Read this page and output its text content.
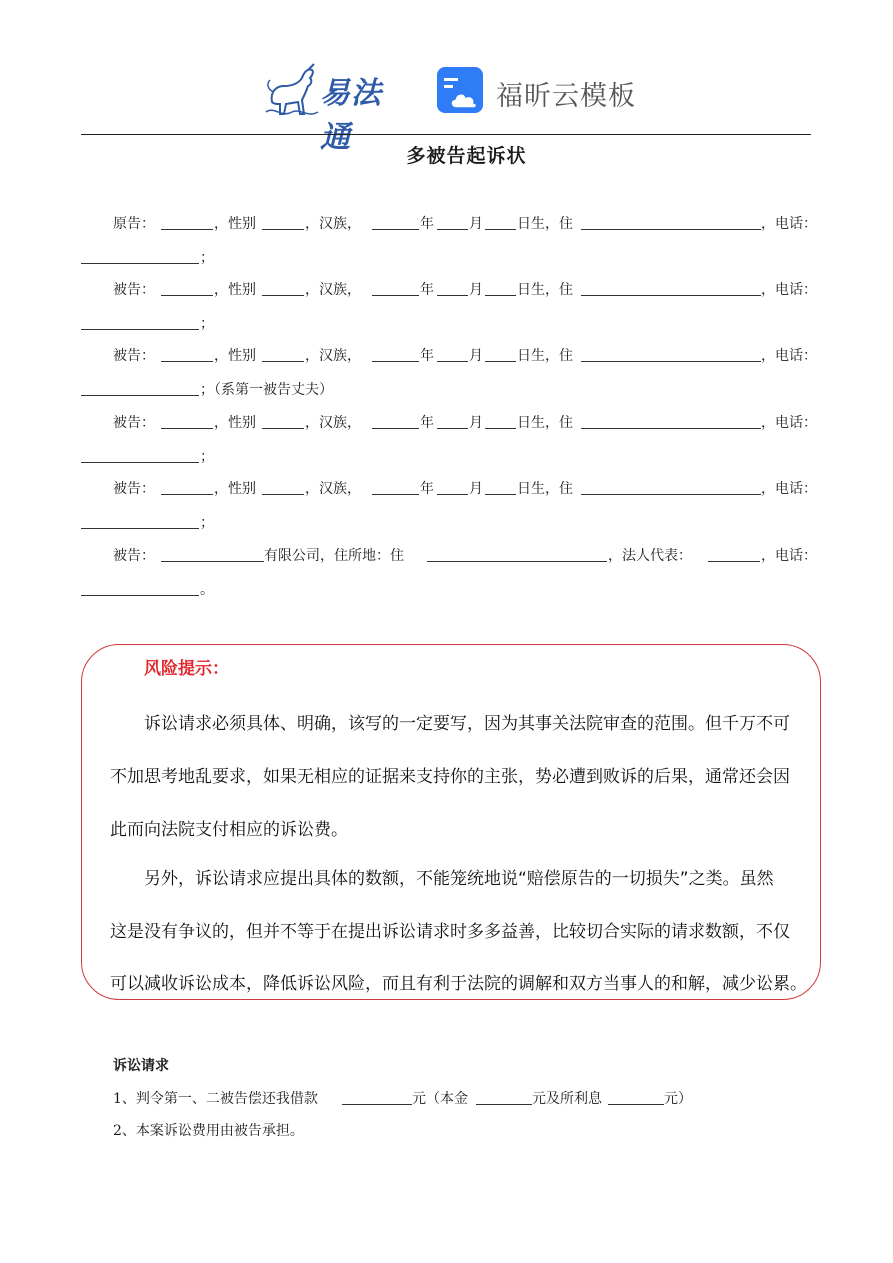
易法通
福昕云模板
多被告起诉状
原告：	，性别	，汉族，	年	月 日生，住	，电话：
；
被告：	，性别	，汉族，	年	月 日生，住	，电话：
；
被告：	，性别	，汉族，	年	月 日生，住	，电话：
；（系第一被告丈夫）
被告：	，性别	，汉族，	年	月 日生，住	，电话：
；
被告：	，性别	，汉族，	年	月 日生，住	，电话：
；
被告：	有限公司，住所地：住	，法人代表：	，电话：
。
风险提示：
诉讼请求必须具体、明确，该写的一定要写，因为其事关法院审查的范围。但千万不可
不加思考地乱要求，如果无相应的证据来支持你的主张，势必遭到败诉的后果，通常还会因
此而向法院支付相应的诉讼费。
另外，诉讼请求应提出具体的数额，不能笼统地说“赔偿原告的一切损失”之类。虽然
这是没有争议的，但并不等于在提出诉讼请求时多多益善，比较切合实际的请求数额，不仅
可以减收诉讼成本，降低诉讼风险，而且有利于法院的调解和双方当事人的和解，减少讼累。
诉讼请求
1、判令第一、二被告偿还我借款	元（本金	元及所利息	元）
2、本案诉讼费用由被告承担。
